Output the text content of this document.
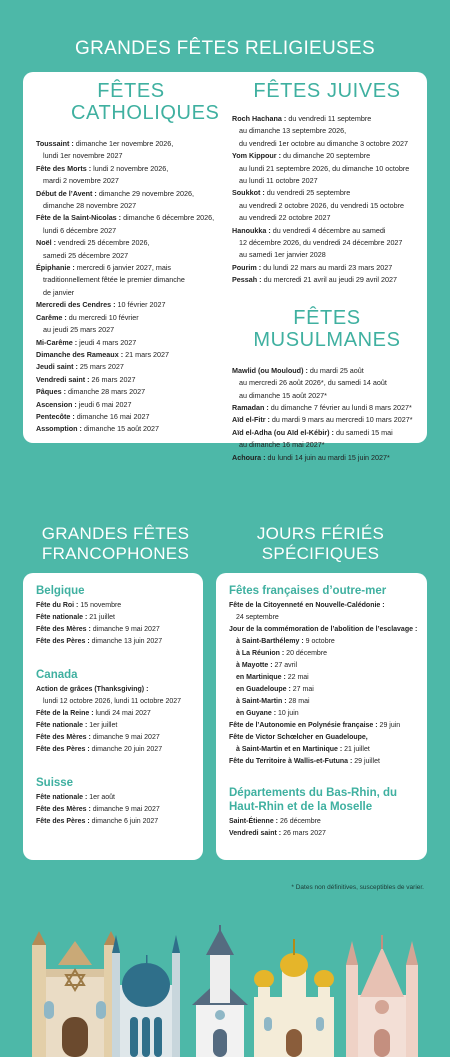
GRANDES FÊTES RELIGIEUSES
FÊTES CATHOLIQUES
Toussaint : dimanche 1er novembre 2026,
lundi 1er novembre 2027
Fête des Morts : lundi 2 novembre 2026,
mardi 2 novembre 2027
Début de l’Avent : dimanche 29 novembre 2026,
dimanche 28 novembre 2027
Fête de la Saint-Nicolas : dimanche 6 décembre 2026,
lundi 6 décembre 2027
Noël : vendredi 25 décembre 2026,
samedi 25 décembre 2027
Épiphanie : mercredi 6 janvier 2027, mais
traditionnellement fêtée le premier dimanche
de janvier
Mercredi des Cendres : 10 février 2027
Carême : du mercredi 10 février
au jeudi 25 mars 2027
Mi-Carême : jeudi 4 mars 2027
Dimanche des Rameaux : 21 mars 2027
Jeudi saint : 25 mars 2027
Vendredi saint : 26 mars 2027
Pâques : dimanche 28 mars 2027
Ascension : jeudi 6 mai 2027
Pentecôte : dimanche 16 mai 2027
Assomption : dimanche 15 août 2027
FÊTES JUIVES
Roch Hachana : du vendredi 11 septembre
au dimanche 13 septembre 2026,
du vendredi 1er octobre au dimanche 3 octobre 2027
Yom Kippour : du dimanche 20 septembre
au lundi 21 septembre 2026, du dimanche 10 octobre
au lundi 11 octobre 2027
Soukkot : du vendredi 25 septembre
au vendredi 2 octobre 2026, du vendredi 15 octobre
au vendredi 22 octobre 2027
Hanoukka : du vendredi 4 décembre au samedi
12 décembre 2026, du vendredi 24 décembre 2027
au samedi 1er janvier 2028
Pourim : du lundi 22 mars au mardi 23 mars 2027
Pessah : du mercredi 21 avril au jeudi 29 avril 2027
FÊTES MUSULMANES
Mawlid (ou Mouloud) : du mardi 25 août
au mercredi 26 août 2026*, du samedi 14 août
au dimanche 15 août 2027*
Ramadan : du dimanche 7 février au lundi 8 mars 2027*
Aïd el-Fitr : du mardi 9 mars au mercredi 10 mars 2027*
Aïd el-Adha (ou Aïd el-Kébir) : du samedi 15 mai
au dimanche 16 mai 2027*
Achoura : du lundi 14 juin au mardi 15 juin 2027*
GRANDES FÊTES FRANCOPHONES
JOURS FÉRIÉS SPÉCIFIQUES
Belgique
Fête du Roi : 15 novembre
Fête nationale : 21 juillet
Fête des Mères : dimanche 9 mai 2027
Fête des Pères : dimanche 13 juin 2027
Canada
Action de grâces (Thanksgiving) :
lundi 12 octobre 2026, lundi 11 octobre 2027
Fête de la Reine : lundi 24 mai 2027
Fête nationale : 1er juillet
Fête des Mères : dimanche 9 mai 2027
Fête des Pères : dimanche 20 juin 2027
Suisse
Fête nationale : 1er août
Fête des Mères : dimanche 9 mai 2027
Fête des Pères : dimanche 6 juin 2027
Fêtes françaises d’outre-mer
Fête de la Citoyenneté en Nouvelle-Calédonie :
24 septembre
Jour de la commémoration de l’abolition de l’esclavage :
à Saint-Barthélemy : 9 octobre
à La Réunion : 20 décembre
à Mayotte : 27 avril
en Martinique : 22 mai
en Guadeloupe : 27 mai
à Saint-Martin : 28 mai
en Guyane : 10 juin
Fête de l’Autonomie en Polynésie française : 29 juin
Fête de Victor Schœlcher en Guadeloupe,
à Saint-Martin et en Martinique : 21 juillet
Fête du Territoire à Wallis-et-Futuna : 29 juillet
Départements du Bas-Rhin, du Haut-Rhin et de la Moselle
Saint-Étienne : 26 décembre
Vendredi saint : 26 mars 2027
* Dates non définitives, susceptibles de varier.
